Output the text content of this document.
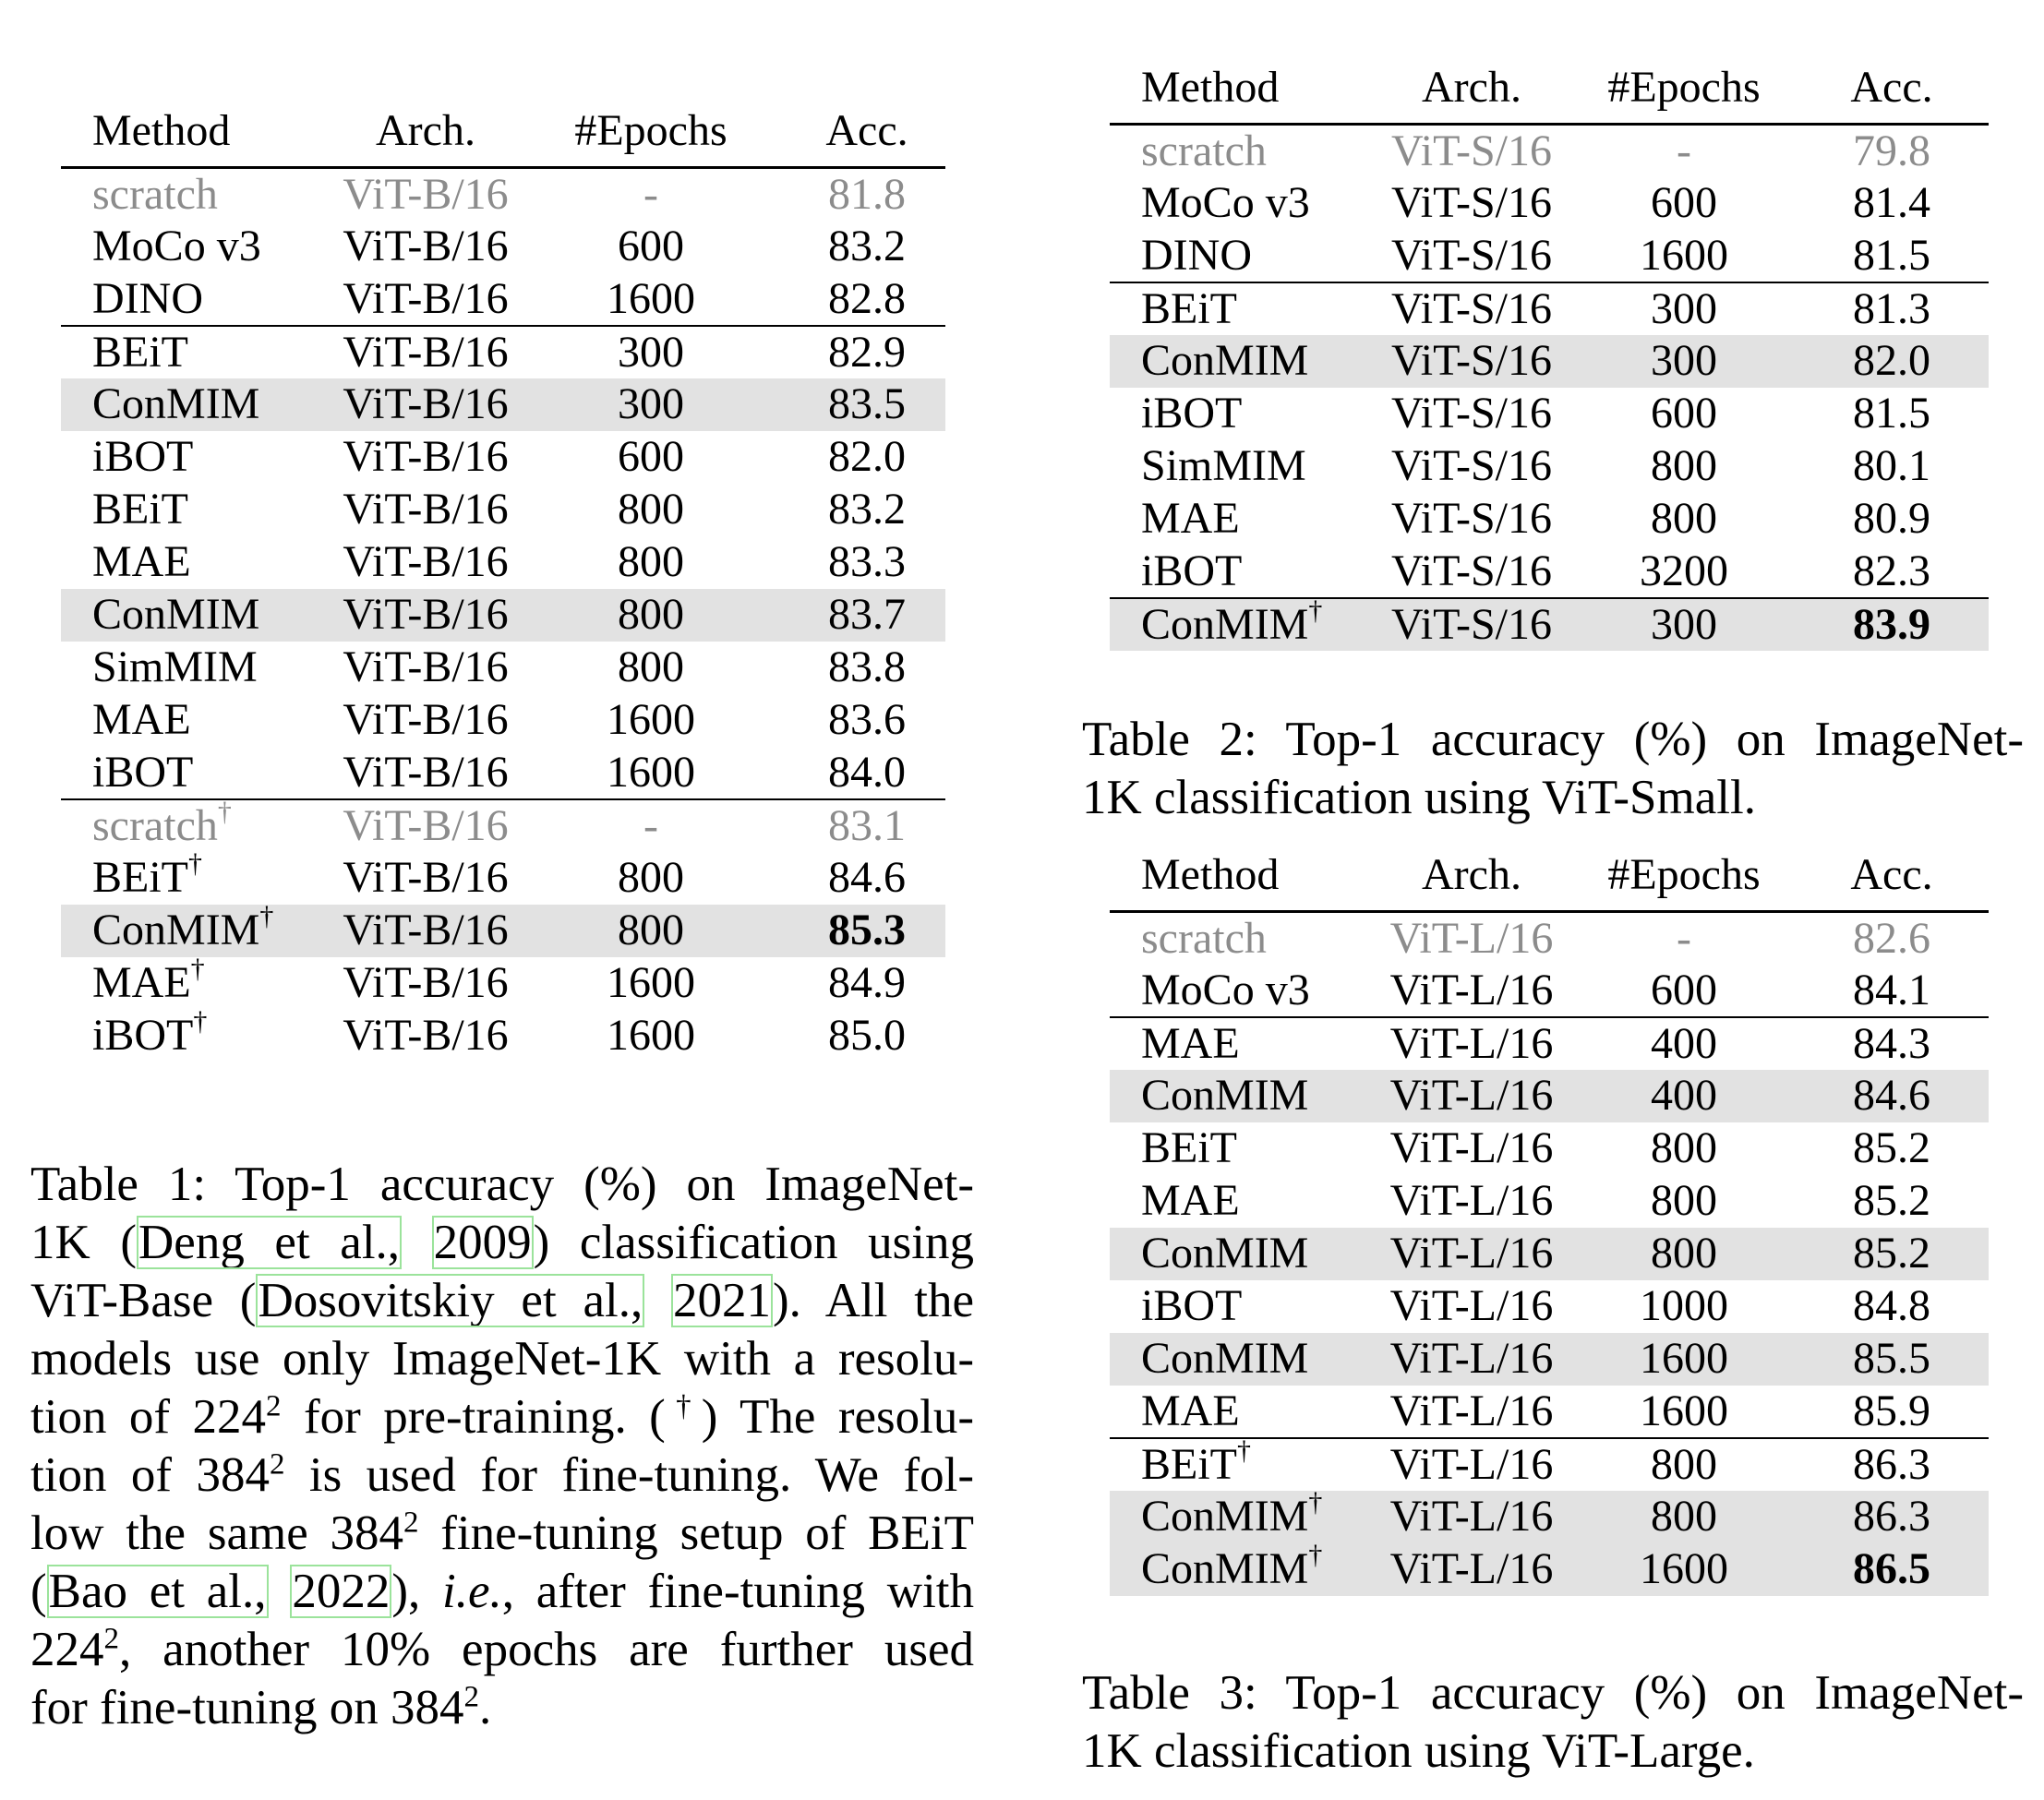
Method	Arch.	#Epochs	Acc.
scratch	ViT-B/16	-	81.8
MoCo v3	ViT-B/16	600	83.2
DINO	ViT-B/16	1600	82.8
BEiT	ViT-B/16	300	82.9
ConMIM	ViT-B/16	300	83.5
iBOT	ViT-B/16	600	82.0
BEiT	ViT-B/16	800	83.2
MAE	ViT-B/16	800	83.3
ConMIM	ViT-B/16	800	83.7
SimMIM	ViT-B/16	800	83.8
MAE	ViT-B/16	1600	83.6
iBOT	ViT-B/16	1600	84.0
scratch†	ViT-B/16	-	83.1
BEiT†	ViT-B/16	800	84.6
ConMIM†	ViT-B/16	800	85.3
MAE†	ViT-B/16	1600	84.9
iBOT†	ViT-B/16	1600	85.0
Method	Arch.	#Epochs	Acc.
scratch	ViT-S/16	-	79.8
MoCo v3	ViT-S/16	600	81.4
DINO	ViT-S/16	1600	81.5
BEiT	ViT-S/16	300	81.3
ConMIM	ViT-S/16	300	82.0
iBOT	ViT-S/16	600	81.5
SimMIM	ViT-S/16	800	80.1
MAE	ViT-S/16	800	80.9
iBOT	ViT-S/16	3200	82.3
ConMIM†	ViT-S/16	300	83.9
Method	Arch.	#Epochs	Acc.
scratch	ViT-L/16	-	82.6
MoCo v3	ViT-L/16	600	84.1
MAE	ViT-L/16	400	84.3
ConMIM	ViT-L/16	400	84.6
BEiT	ViT-L/16	800	85.2
MAE	ViT-L/16	800	85.2
ConMIM	ViT-L/16	800	85.2
iBOT	ViT-L/16	1000	84.8
ConMIM	ViT-L/16	1600	85.5
MAE	ViT-L/16	1600	85.9
BEiT†	ViT-L/16	800	86.3
ConMIM†	ViT-L/16	800	86.3
ConMIM†	ViT-L/16	1600	86.5
Table 1: Top-1 accuracy (%) on ImageNet-
1K (Deng et al., 2009) classification using
ViT-Base (Dosovitskiy et al., 2021). All the
models use only ImageNet-1K with a resolu-
tion of $224^2$ for pre-training. (†) The resolu-
tion of $384^2$ is used for fine-tuning. We fol-
low the same $384^2$ fine-tuning setup of BEiT
(Bao et al., 2022), i.e., after fine-tuning with
$224^2$, another 10% epochs are further used
for fine-tuning on $384^2$.
Table 2: Top-1 accuracy (%) on ImageNet-
1K classification using ViT-Small.
Table 3: Top-1 accuracy (%) on ImageNet-
1K classification using ViT-Large.
